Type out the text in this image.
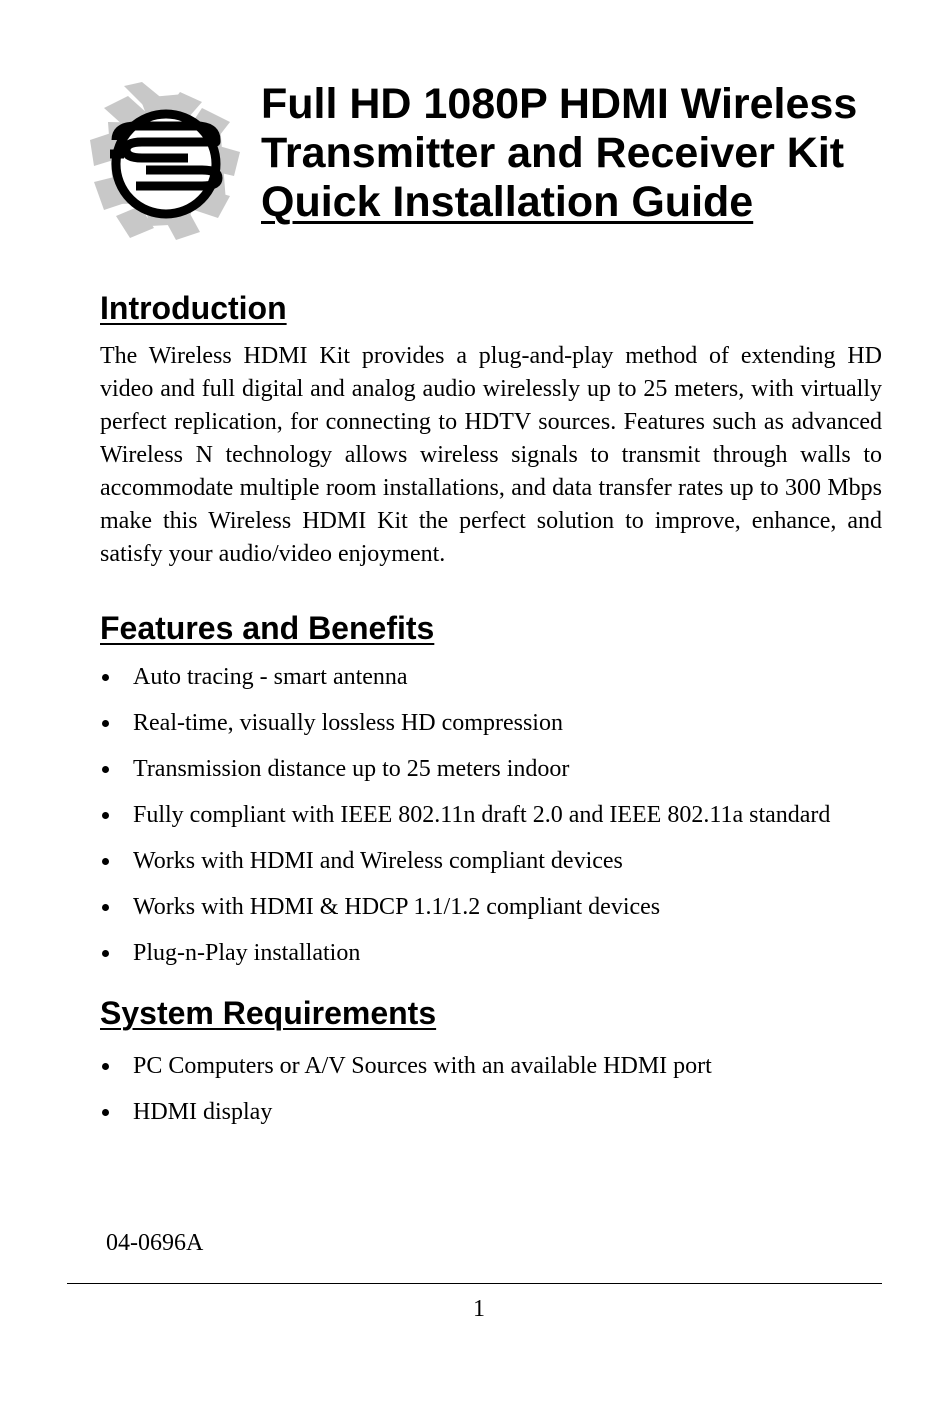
Full HD 1080P HDMI Wireless
Transmitter and Receiver Kit
Quick Installation Guide
Introduction

The Wireless HDMI Kit provides a plug-and-play method of extending HD video and full digital and analog audio wirelessly up to 25 meters, with virtually perfect replication, for connecting to HDTV sources. Features such as advanced Wireless N technology allows wireless signals to transmit through walls to accommodate multiple room installations, and data transfer rates up to 300 Mbps make this Wireless HDMI Kit the perfect solution to improve, enhance, and satisfy your audio/video enjoyment.

Features and Benefits
Auto tracing - smart antenna
Real-time, visually lossless HD compression
Transmission distance up to 25 meters indoor
Fully compliant with IEEE 802.11n draft 2.0 and IEEE 802.11a standard
Works with HDMI and Wireless compliant devices
Works with HDMI & HDCP 1.1/1.2 compliant devices
Plug-n-Play installation
System Requirements
PC Computers or A/V Sources with an available HDMI port
HDMI display
04-0696A
1
